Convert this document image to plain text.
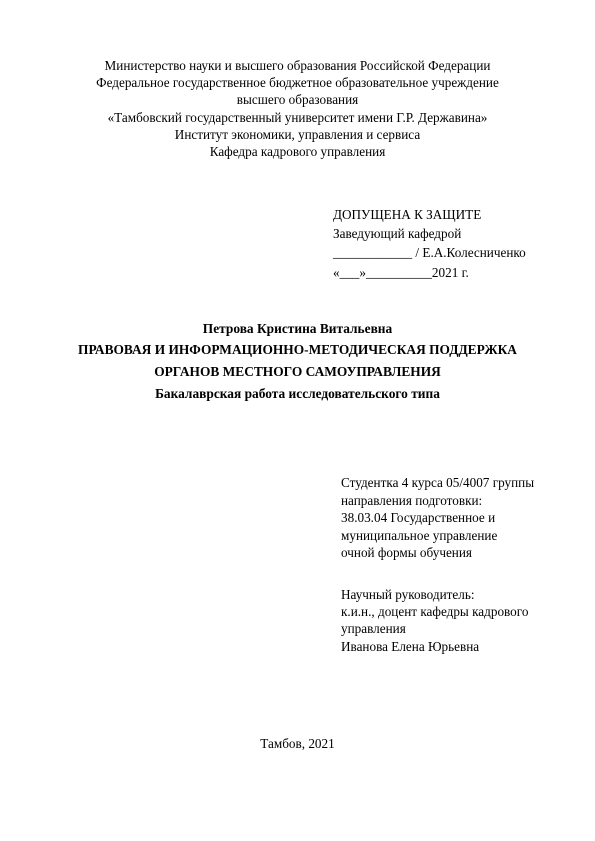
Министерство науки и высшего образования Российской Федерации
Федеральное государственное бюджетное образовательное учреждение
высшего образования
«Тамбовский государственный университет имени Г.Р. Державина»
Институт экономики, управления и сервиса
Кафедра кадрового управления
ДОПУЩЕНА К ЗАЩИТЕ
Заведующий кафедрой
____________ / Е.А.Колесниченко
«___»__________2021 г.
Петрова Кристина Витальевна
ПРАВОВАЯ И ИНФОРМАЦИОННО-МЕТОДИЧЕСКАЯ ПОДДЕРЖКА
ОРГАНОВ МЕСТНОГО САМОУПРАВЛЕНИЯ
Бакалаврская работа исследовательского типа
Студентка 4 курса 05/4007 группы
направления подготовки:
38.03.04 Государственное и
муниципальное управление
очной формы обучения
Научный руководитель:
к.и.н., доцент кафедры кадрового
управления
Иванова Елена Юрьевна
Тамбов, 2021
